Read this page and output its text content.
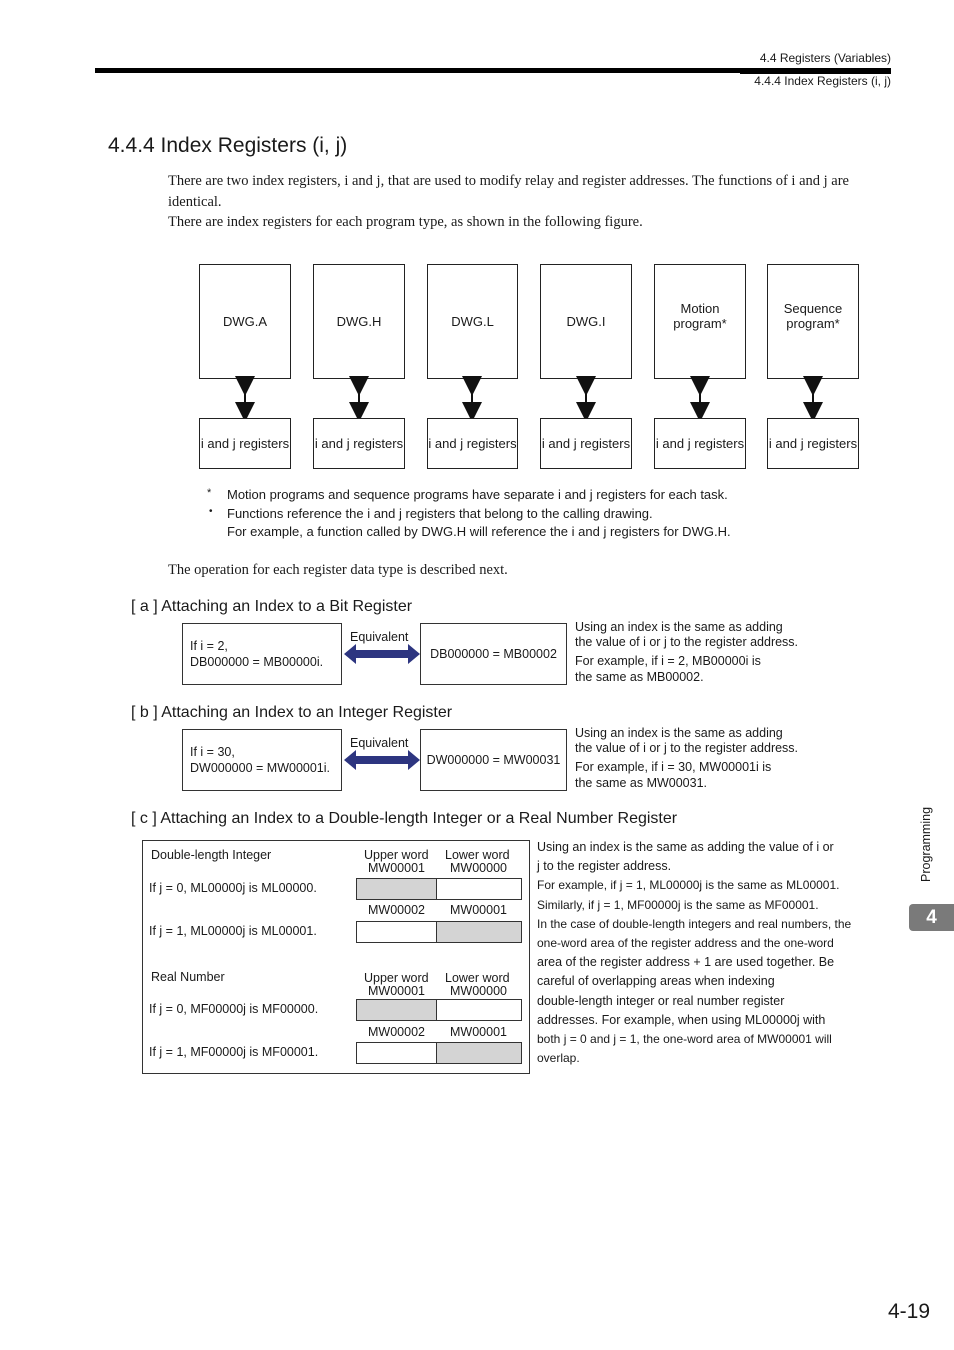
4.4 Registers (Variables)
4.4.4 Index Registers (i, j)
4.4.4 Index Registers (i, j)
There are two index registers, i and j, that are used to modify relay and register addresses. The functions of i and j are
identical.
There are index registers for each program type, as shown in the following figure.
DWG.A	DWG.H	DWG.L	DWG.I
Motion
program*
Sequence
program*
i and j registers i and j registers i and j registers i and j registers i and j registers i and j registers
* Motion programs and sequence programs have separate i and j registers for each task.
• Functions reference the i and j registers that belong to the calling drawing.
For example, a function called by DWG.H will reference the i and j registers for DWG.H.
The operation for each register data type is described next.
[ a ] Attaching an Index to a Bit Register
If i = 2,
DB000000 = MB00000i.
Equivalent
DB000000 = MB00002
Using an index is the same as adding
the value of i or j to the register address.
For example, if i = 2, MB00000i is
the same as MB00002.
[ b ] Attaching an Index to an Integer Register
If i = 30,
DW000000 = MW00001i.
Equivalent
DW000000 = MW00031
Using an index is the same as adding
the value of i or j to the register address.
For example, if i = 30, MW00001i is
the same as MW00031.
[ c ] Attaching an Index to a Double-length Integer or a Real Number Register
Double-length Integer	Upper word Lower word
MW00001 MW00000
If j = 0, ML00000j is ML00000.
MW00002 MW00001
If j = 1, ML00000j is ML00001.
Real Number	Upper word Lower word
MW00001 MW00000
If j = 0, MF00000j is MF00000.
MW00002 MW00001
If j = 1, MF00000j is MF00001.
Using an index is the same as adding the value of i or
j to the register address.
For example, if j = 1, ML00000j is the same as ML00001.
Similarly, if j = 1, MF00000j is the same as MF00001.
In the case of double-length integers and real numbers, the
one-word area of the register address and the one-word
area of the register address + 1 are used together. Be
careful of overlapping areas when indexing
double-length integer or real number register
addresses. For example, when using ML00000j with
both j = 0 and j = 1, the one-word area of MW00001 will
overlap.
Programming
4
4-19
